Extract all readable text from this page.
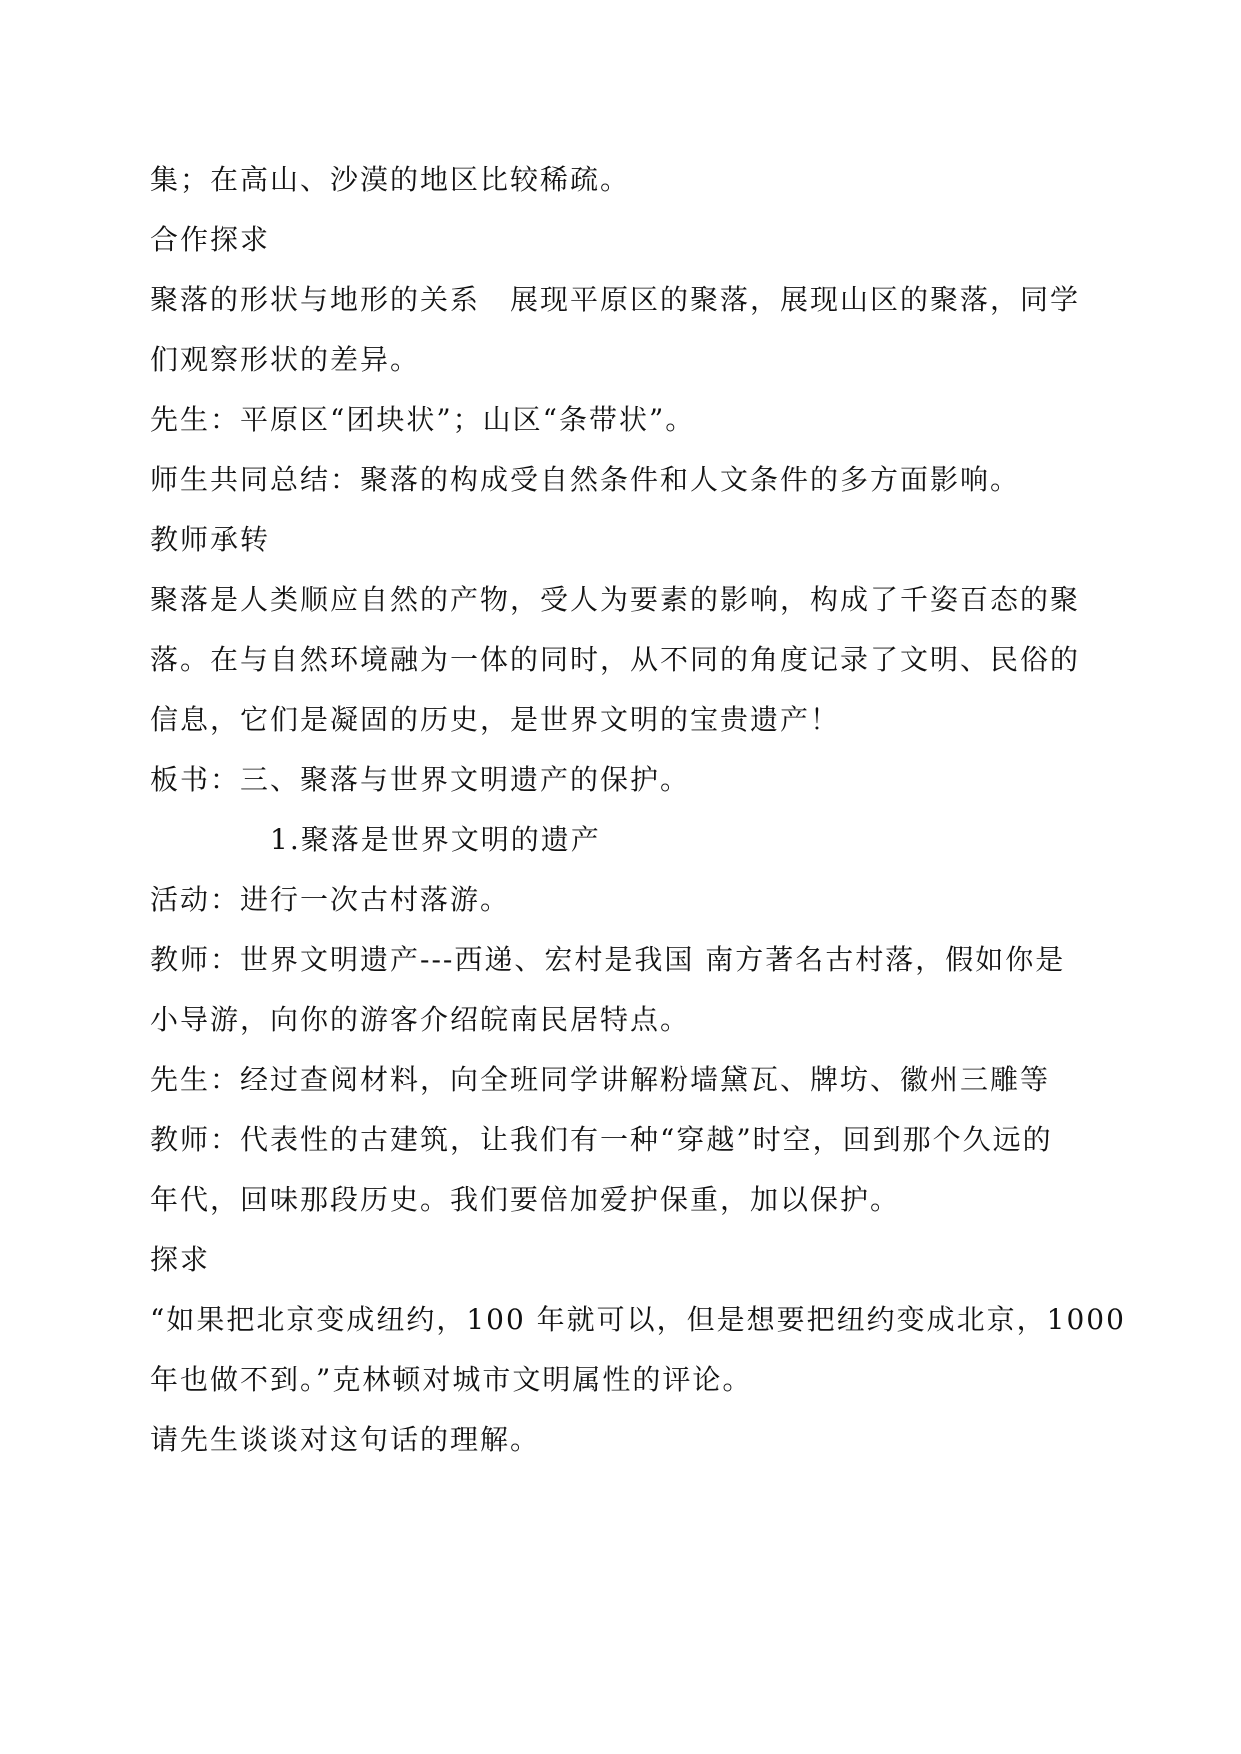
集；在高山、沙漠的地区比较稀疏。
合作探求
聚落的形状与地形的关系　展现平原区的聚落，展现山区的聚落，同学
们观察形状的差异。
先生：平原区“团块状”；山区“条带状”。
师生共同总结：聚落的构成受自然条件和人文条件的多方面影响。
教师承转
聚落是人类顺应自然的产物，受人为要素的影响，构成了千姿百态的聚
落。在与自然环境融为一体的同时，从不同的角度记录了文明、民俗的
信息，它们是凝固的历史，是世界文明的宝贵遗产！
板书：三、聚落与世界文明遗产的保护。
1.聚落是世界文明的遗产
活动：进行一次古村落游。
教师：世界文明遗产---西递、宏村是我国 南方著名古村落，假如你是
小导游，向你的游客介绍皖南民居特点。
先生：经过查阅材料，向全班同学讲解粉墙黛瓦、牌坊、徽州三雕等
教师：代表性的古建筑，让我们有一种“穿越”时空，回到那个久远的
年代，回味那段历史。我们要倍加爱护保重，加以保护。
探求
“如果把北京变成纽约，100 年就可以，但是想要把纽约变成北京，1000
年也做不到。”克林顿对城市文明属性的评论。
请先生谈谈对这句话的理解。
